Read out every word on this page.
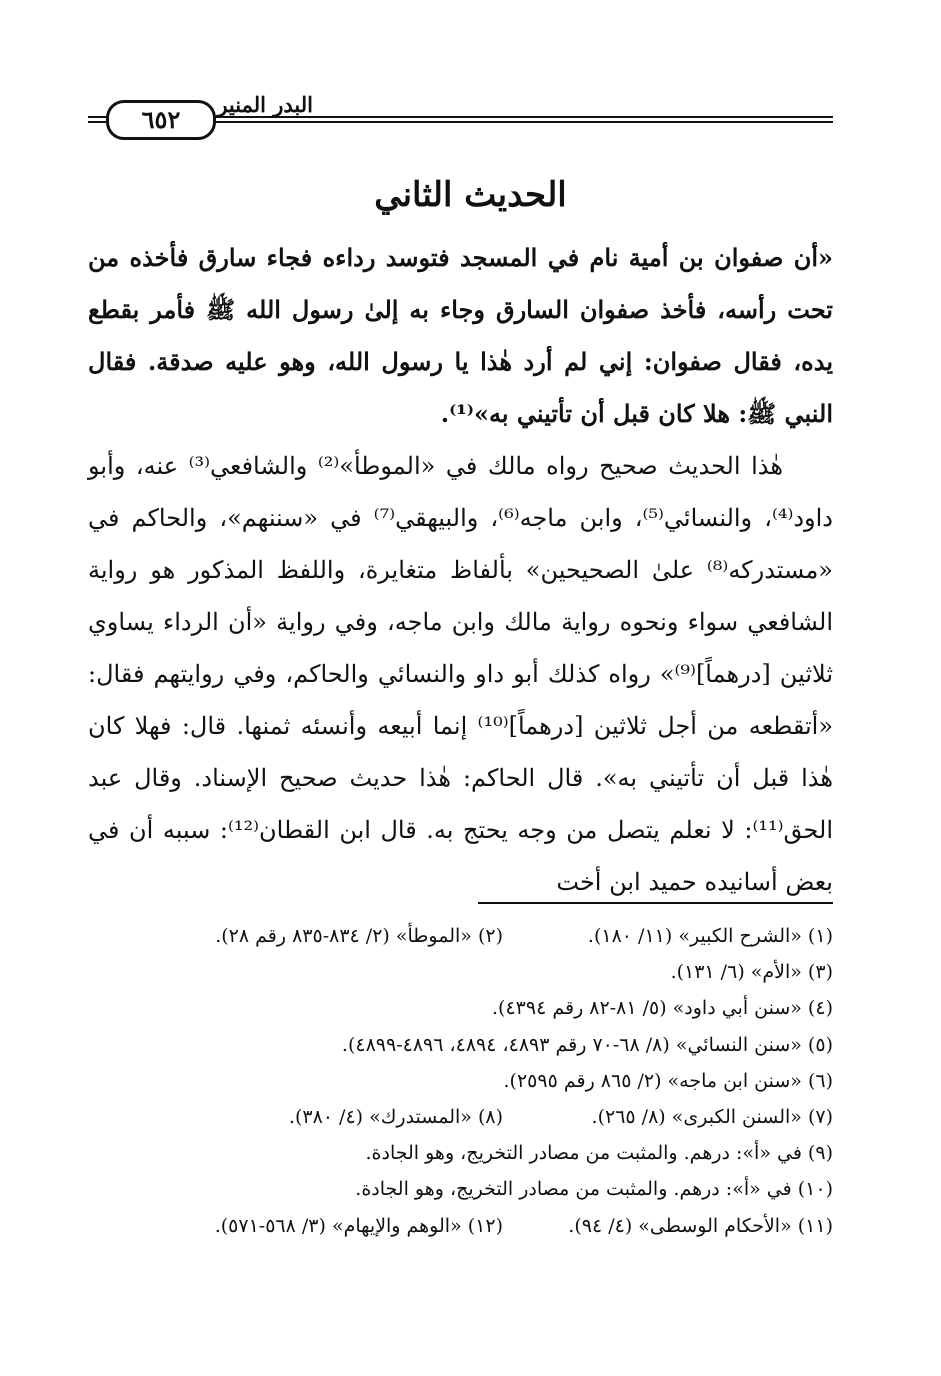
البدر المنير
٦٥٢
الحديث الثاني

«أن صفوان بن أمية نام في المسجد فتوسد رداءه فجاء سارق فأخذه من تحت رأسه، فأخذ صفوان السارق وجاء به إلىٰ رسول الله ﷺ فأمر بقطع يده، فقال صفوان: إني لم أرد هٰذا يا رسول الله، وهو عليه صدقة. فقال النبي ﷺ: هلا كان قبل أن تأتيني به»⁽¹⁾.

هٰذا الحديث صحيح رواه مالك في «الموطأ»⁽²⁾ والشافعي⁽³⁾ عنه، وأبو داود⁽⁴⁾، والنسائي⁽⁵⁾، وابن ماجه⁽⁶⁾، والبيهقي⁽⁷⁾ في «سننهم»، والحاكم في «مستدركه⁽⁸⁾ علىٰ الصحيحين» بألفاظ متغايرة، واللفظ المذكور هو رواية الشافعي سواء ونحوه رواية مالك وابن ماجه، وفي رواية «أن الرداء يساوي ثلاثين [درهماً]⁽⁹⁾» رواه كذلك أبو داو والنسائي والحاكم، وفي روايتهم فقال: «أتقطعه من أجل ثلاثين [درهماً]⁽¹⁰⁾ إنما أبيعه وأنسئه ثمنها. قال: فهلا كان هٰذا قبل أن تأتيني به». قال الحاكم: هٰذا حديث صحيح الإسناد. وقال عبد الحق⁽¹¹⁾: لا نعلم يتصل من وجه يحتج به. قال ابن القطان⁽¹²⁾: سببه أن في بعض أسانيده حميد ابن أخت

(١) «الشرح الكبير» (١١/ ١٨٠).
(٢) «الموطأ» (٢/ ٨٣٤-٨٣٥ رقم ٢٨).
(٣) «الأم» (٦/ ١٣١).
(٤) «سنن أبي داود» (٥/ ٨١-٨٢ رقم ٤٣٩٤).
(٥) «سنن النسائي» (٨/ ٦٨-٧٠ رقم ٤٨٩٣، ٤٨٩٤، ٤٨٩٦-٤٨٩٩).
(٦) «سنن ابن ماجه» (٢/ ٨٦٥ رقم ٢٥٩٥).
(٧) «السنن الكبرى» (٨/ ٢٦٥).
(٨) «المستدرك» (٤/ ٣٨٠).
(٩) في «أ»: درهم. والمثبت من مصادر التخريج، وهو الجادة.
(١٠) في «أ»: درهم. والمثبت من مصادر التخريج، وهو الجادة.
(١١) «الأحكام الوسطى» (٤/ ٩٤).
(١٢) «الوهم والإيهام» (٣/ ٥٦٨-٥٧١).
